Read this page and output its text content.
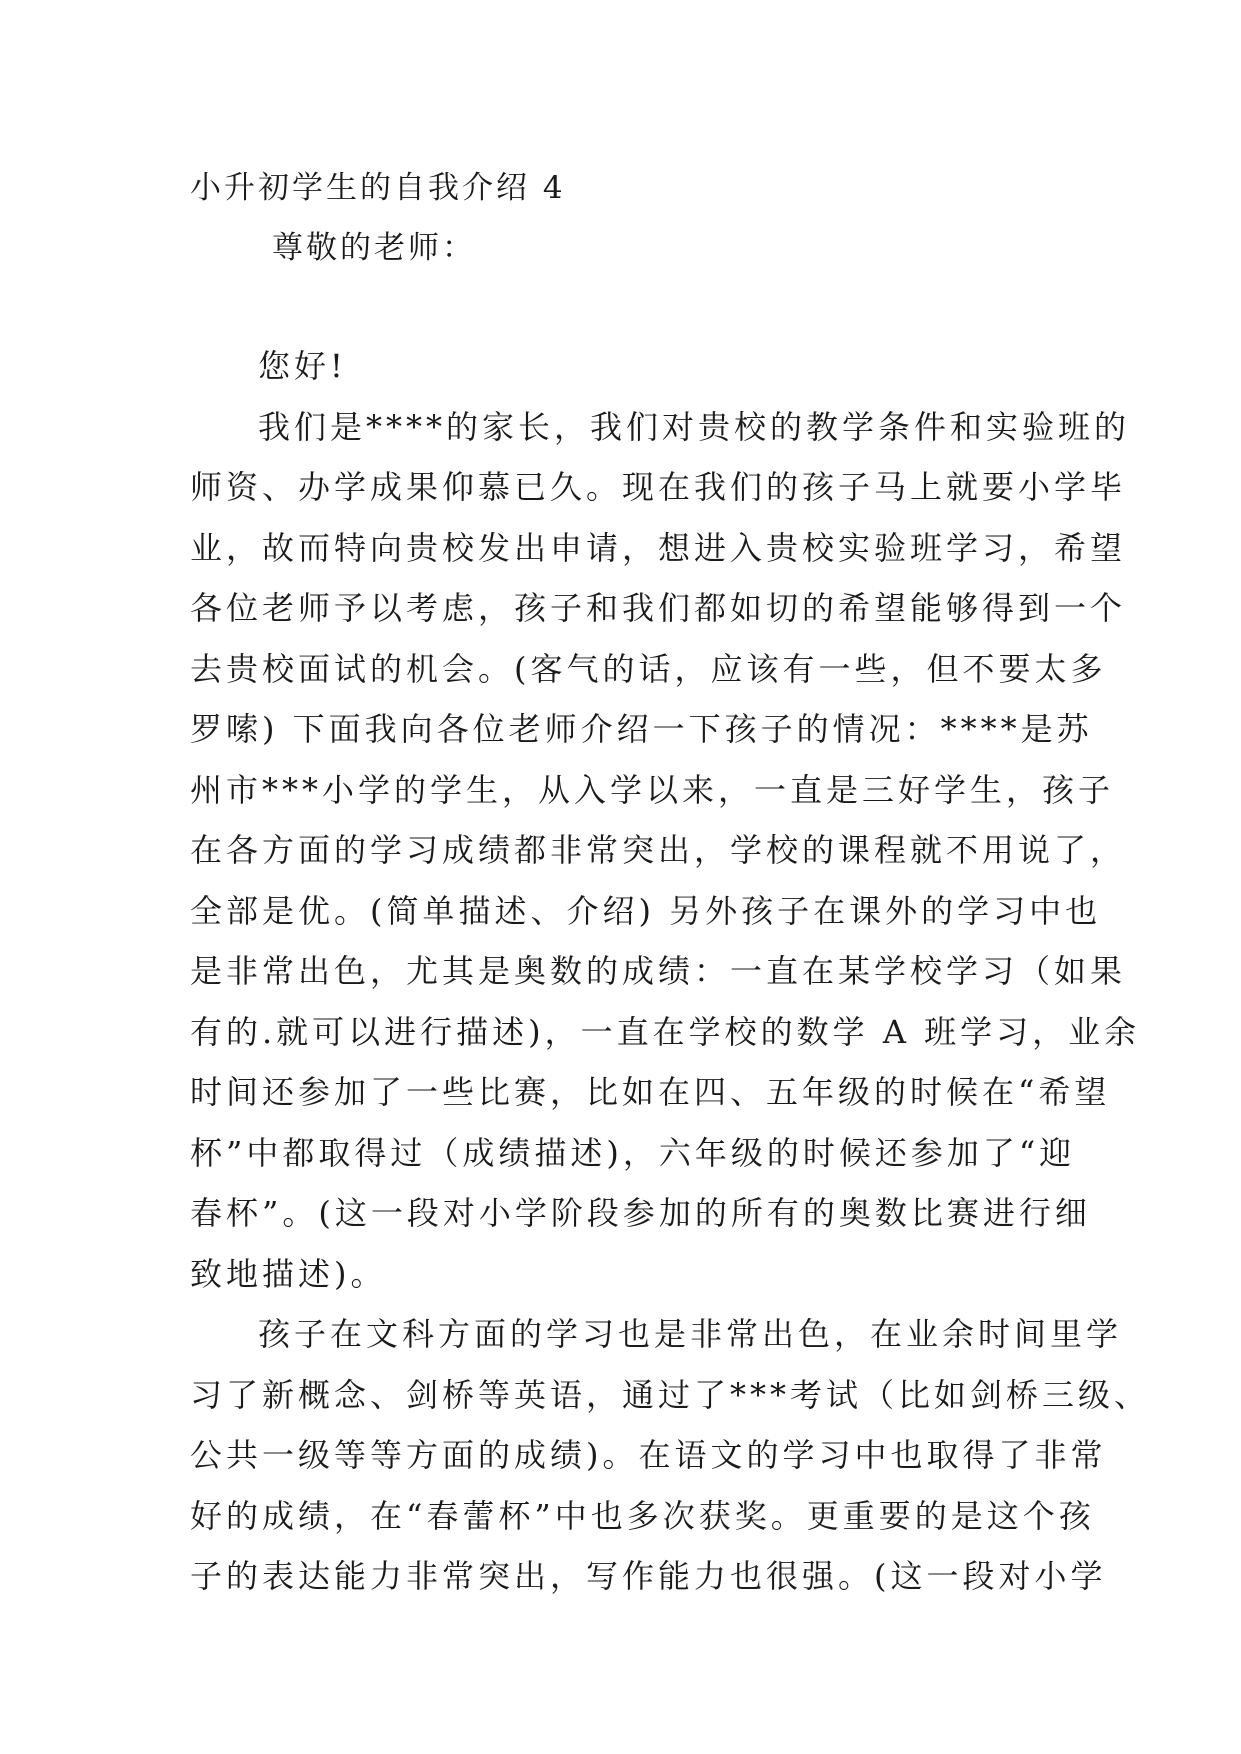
小升初学生的自我介绍 4
尊敬的老师：
您好!
我们是****的家长，我们对贵校的教学条件和实验班的
师资、办学成果仰慕已久。现在我们的孩子马上就要小学毕
业，故而特向贵校发出申请，想进入贵校实验班学习，希望
各位老师予以考虑，孩子和我们都如切的希望能够得到一个
去贵校面试的机会。(客气的话，应该有一些，但不要太多
罗嗦) 下面我向各位老师介绍一下孩子的情况：****是苏
州市***小学的学生，从入学以来，一直是三好学生，孩子
在各方面的学习成绩都非常突出，学校的课程就不用说了，
全部是优。(简单描述、介绍) 另外孩子在课外的学习中也
是非常出色，尤其是奥数的成绩：一直在某学校学习（如果
有的.就可以进行描述)，一直在学校的数学 A 班学习，业余
时间还参加了一些比赛，比如在四、五年级的时候在“希望
杯”中都取得过（成绩描述)，六年级的时候还参加了“迎
春杯”。(这一段对小学阶段参加的所有的奥数比赛进行细
致地描述)。
孩子在文科方面的学习也是非常出色，在业余时间里学
习了新概念、剑桥等英语，通过了***考试（比如剑桥三级、
公共一级等等方面的成绩)。在语文的学习中也取得了非常
好的成绩，在“春蕾杯”中也多次获奖。更重要的是这个孩
子的表达能力非常突出，写作能力也很强。(这一段对小学
